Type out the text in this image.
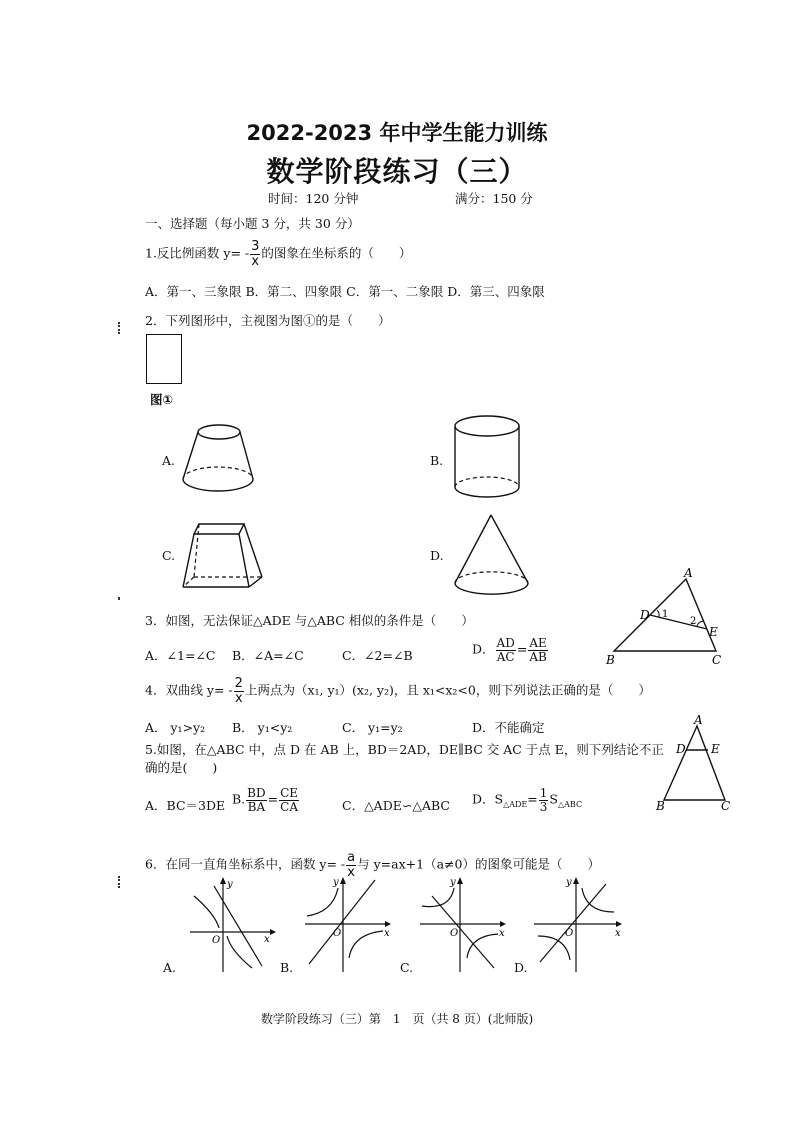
2022-2023 年中学生能力训练
数学阶段练习（三）
时间：120 分钟	满分：150 分
一、选择题（每小题 3 分，共 30 分）
1.反比例函数 $y= - \frac{3}{x}$ 的图象在坐标系的（　　）
A．第一、三象限 B．第二、四象限 C．第一、二象限 D．第三、四象限
2．下列图形中，主视图为图①的是（　　）
图①
A.	B.
C.	D.
3．如图，无法保证△ADE 与△ABC 相似的条件是（　　）
A．∠1=∠C B．∠A=∠C	C．∠2=∠B	D． $\frac{AD}{AC} = \frac{AE}{AB}$
A
B	C
D
E
1
2
4．双曲线 $y= - \frac{2}{x}$ 上两点为（x₁, y₁）(x₂, y₂)，且 x₁<x₂<0，则下列说法正确的是（　　）
A． y₁>y₂ B． y₁<y₂	C． y₁=y₂	D．不能确定
5.如图，在△ABC 中，点 D 在 AB 上，BD＝2AD，DE∥BC 交 AC 于点 E，则下列结论不正
确的是(　　)
A．BC＝3DE B. $\frac{BD}{BA} = \frac{CE}{CA}$	C．△ADE∽△ABC D．$S_{\triangle ADE}= \frac{1}{3} S_{\triangle ABC}$
A
D E
B	C
6．在同一直角坐标系中，函数 $y= - \frac{a}{x}$ 与 y=ax+1（a≠0）的图象可能是（　　）
A.
y
x
O
B.
y
x
O
C.
y
x
O
D.
y
x
O
数学阶段练习（三）第　1　页（共 8 页）(北师版)
